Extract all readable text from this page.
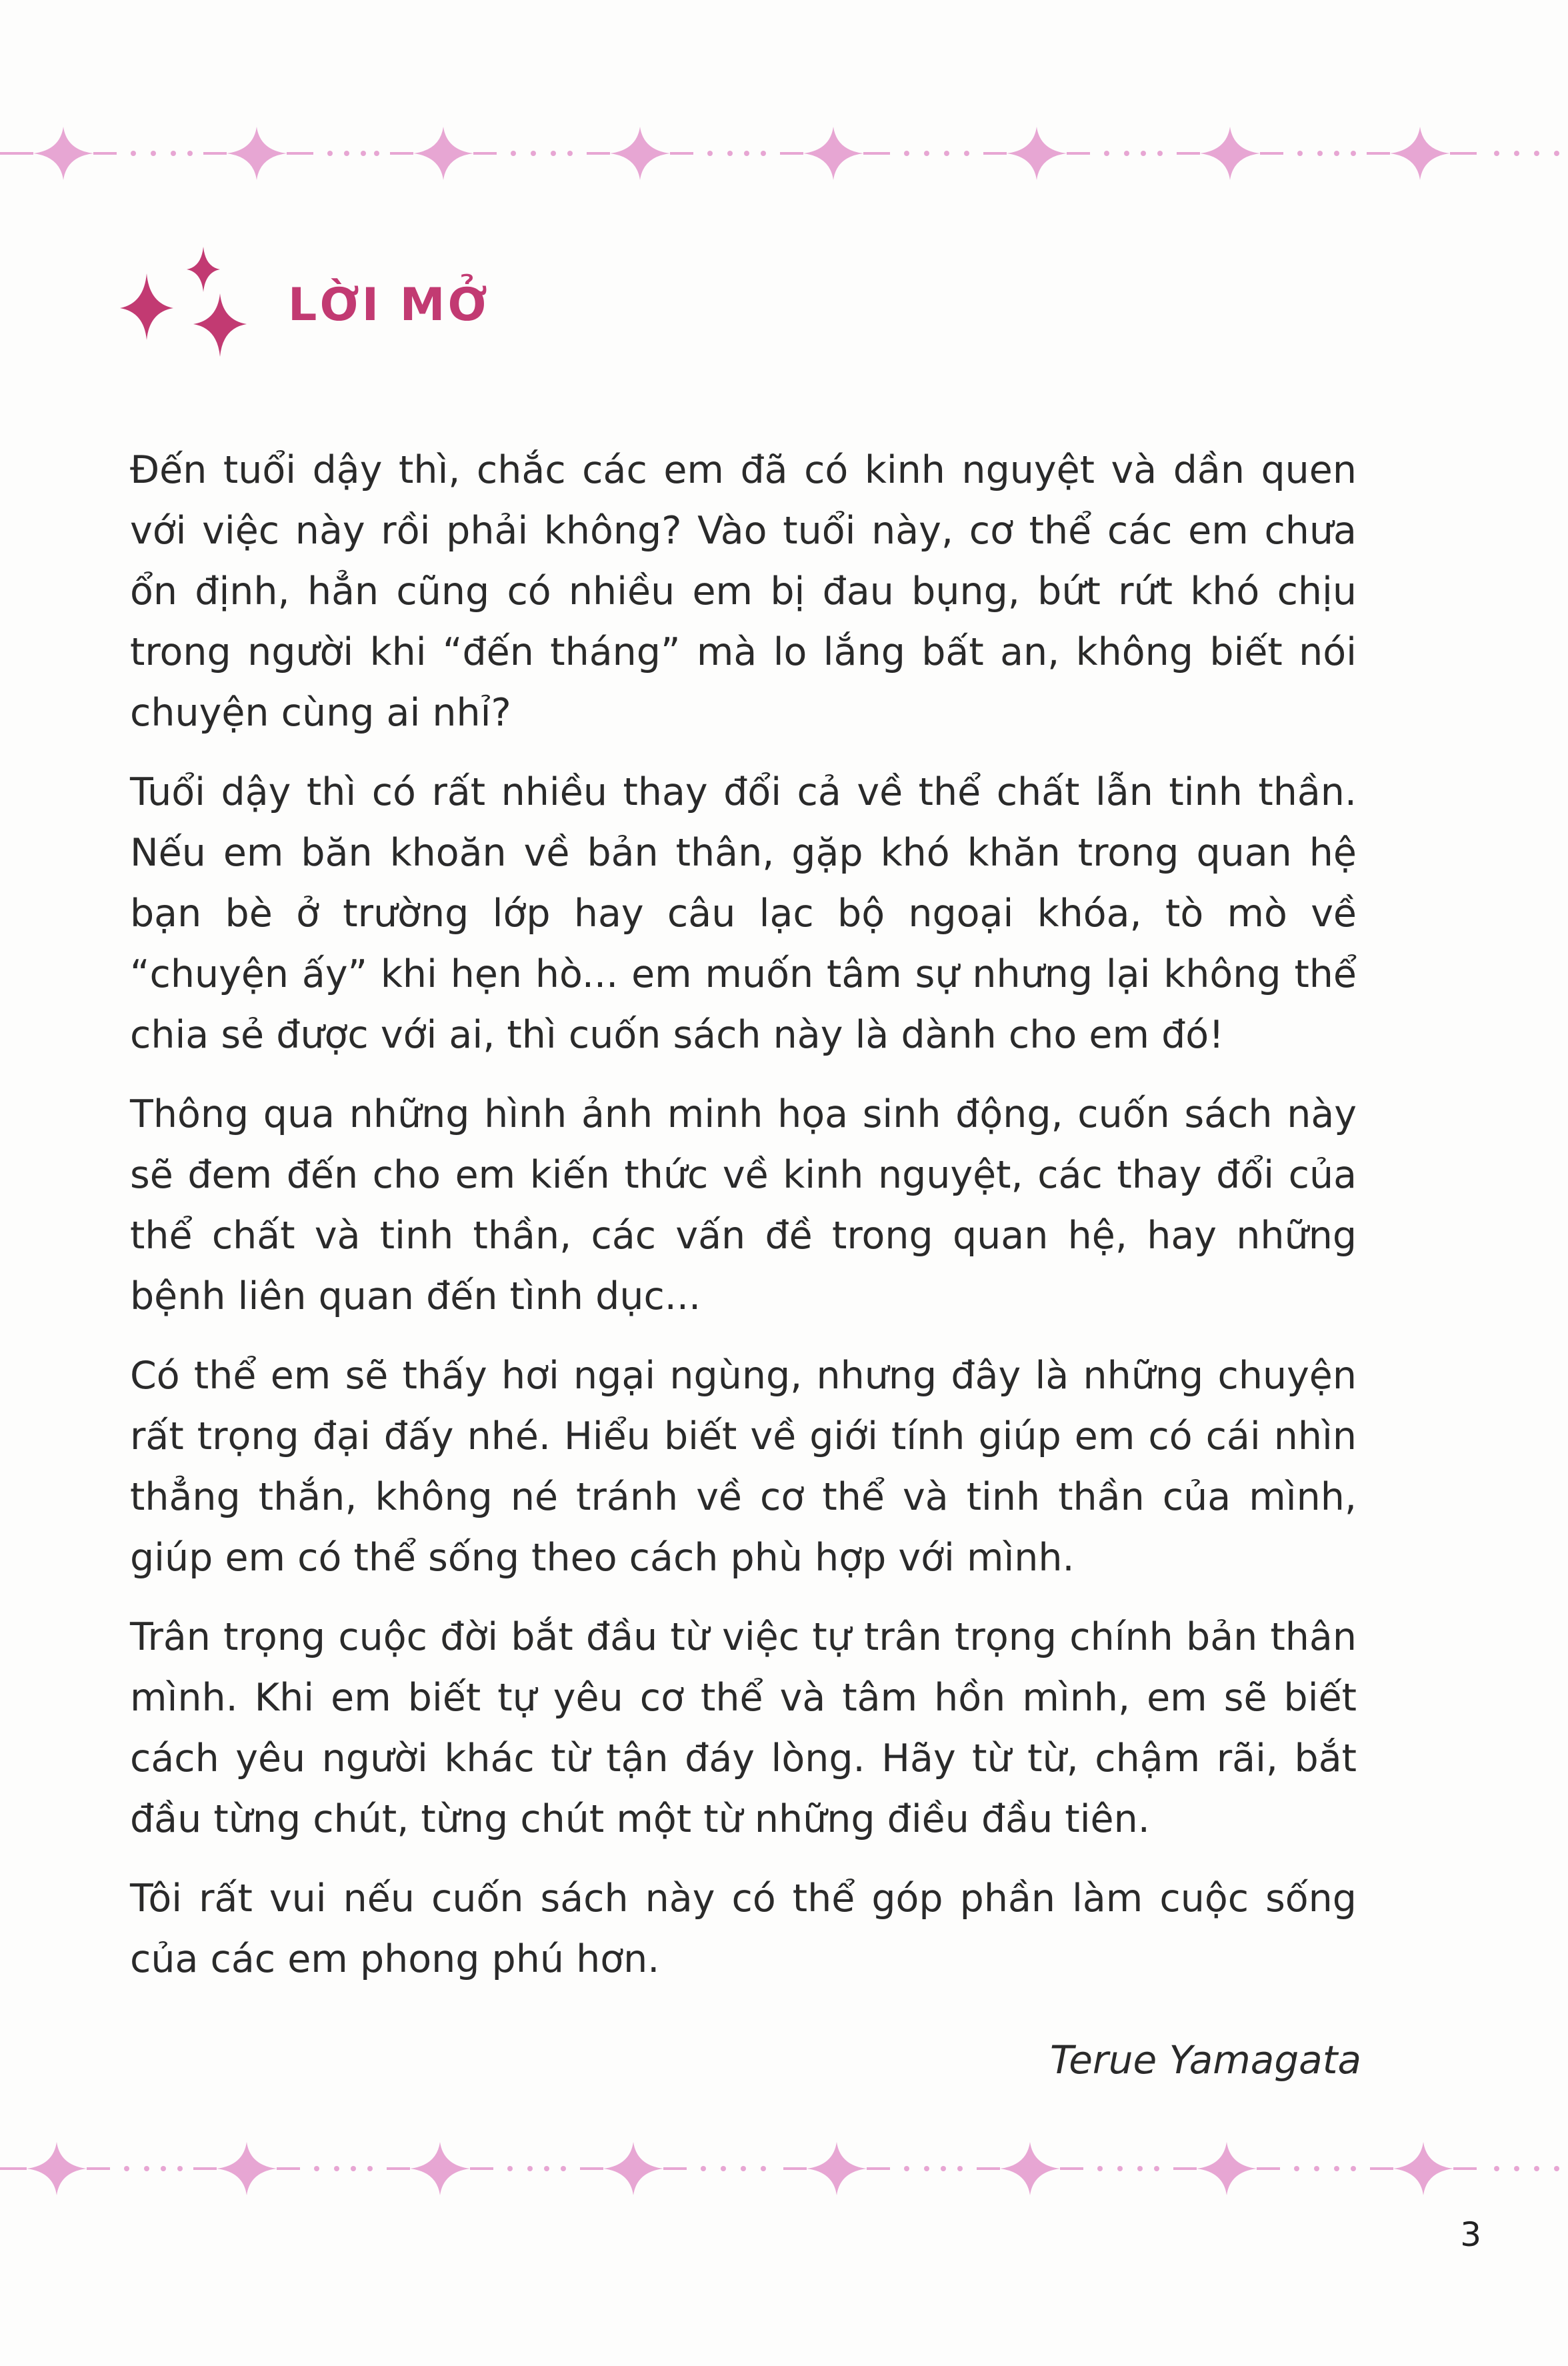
LỜI MỞ

Đến tuổi dậy thì, chắc các em đã có kinh nguyệt và dần quen với việc này rồi phải không? Vào tuổi này, cơ thể các em chưa ổn định, hẳn cũng có nhiều em bị đau bụng, bứt rứt khó chịu trong người khi “đến tháng” mà lo lắng bất an, không biết nói chuyện cùng ai nhỉ?

Tuổi dậy thì có rất nhiều thay đổi cả về thể chất lẫn tinh thần. Nếu em băn khoăn về bản thân, gặp khó khăn trong quan hệ bạn bè ở trường lớp hay câu lạc bộ ngoại khóa, tò mò về “chuyện ấy” khi hẹn hò... em muốn tâm sự nhưng lại không thể chia sẻ được với ai, thì cuốn sách này là dành cho em đó!

Thông qua những hình ảnh minh họa sinh động, cuốn sách này sẽ đem đến cho em kiến thức về kinh nguyệt, các thay đổi của thể chất và tinh thần, các vấn đề trong quan hệ, hay những bệnh liên quan đến tình dục...

Có thể em sẽ thấy hơi ngại ngùng, nhưng đây là những chuyện rất trọng đại đấy nhé. Hiểu biết về giới tính giúp em có cái nhìn thẳng thắn, không né tránh về cơ thể và tinh thần của mình, giúp em có thể sống theo cách phù hợp với mình.

Trân trọng cuộc đời bắt đầu từ việc tự trân trọng chính bản thân mình. Khi em biết tự yêu cơ thể và tâm hồn mình, em sẽ biết cách yêu người khác từ tận đáy lòng. Hãy từ từ, chậm rãi, bắt đầu từng chút, từng chút một từ những điều đầu tiên.

Tôi rất vui nếu cuốn sách này có thể góp phần làm cuộc sống của các em phong phú hơn.

Terue Yamagata
3
